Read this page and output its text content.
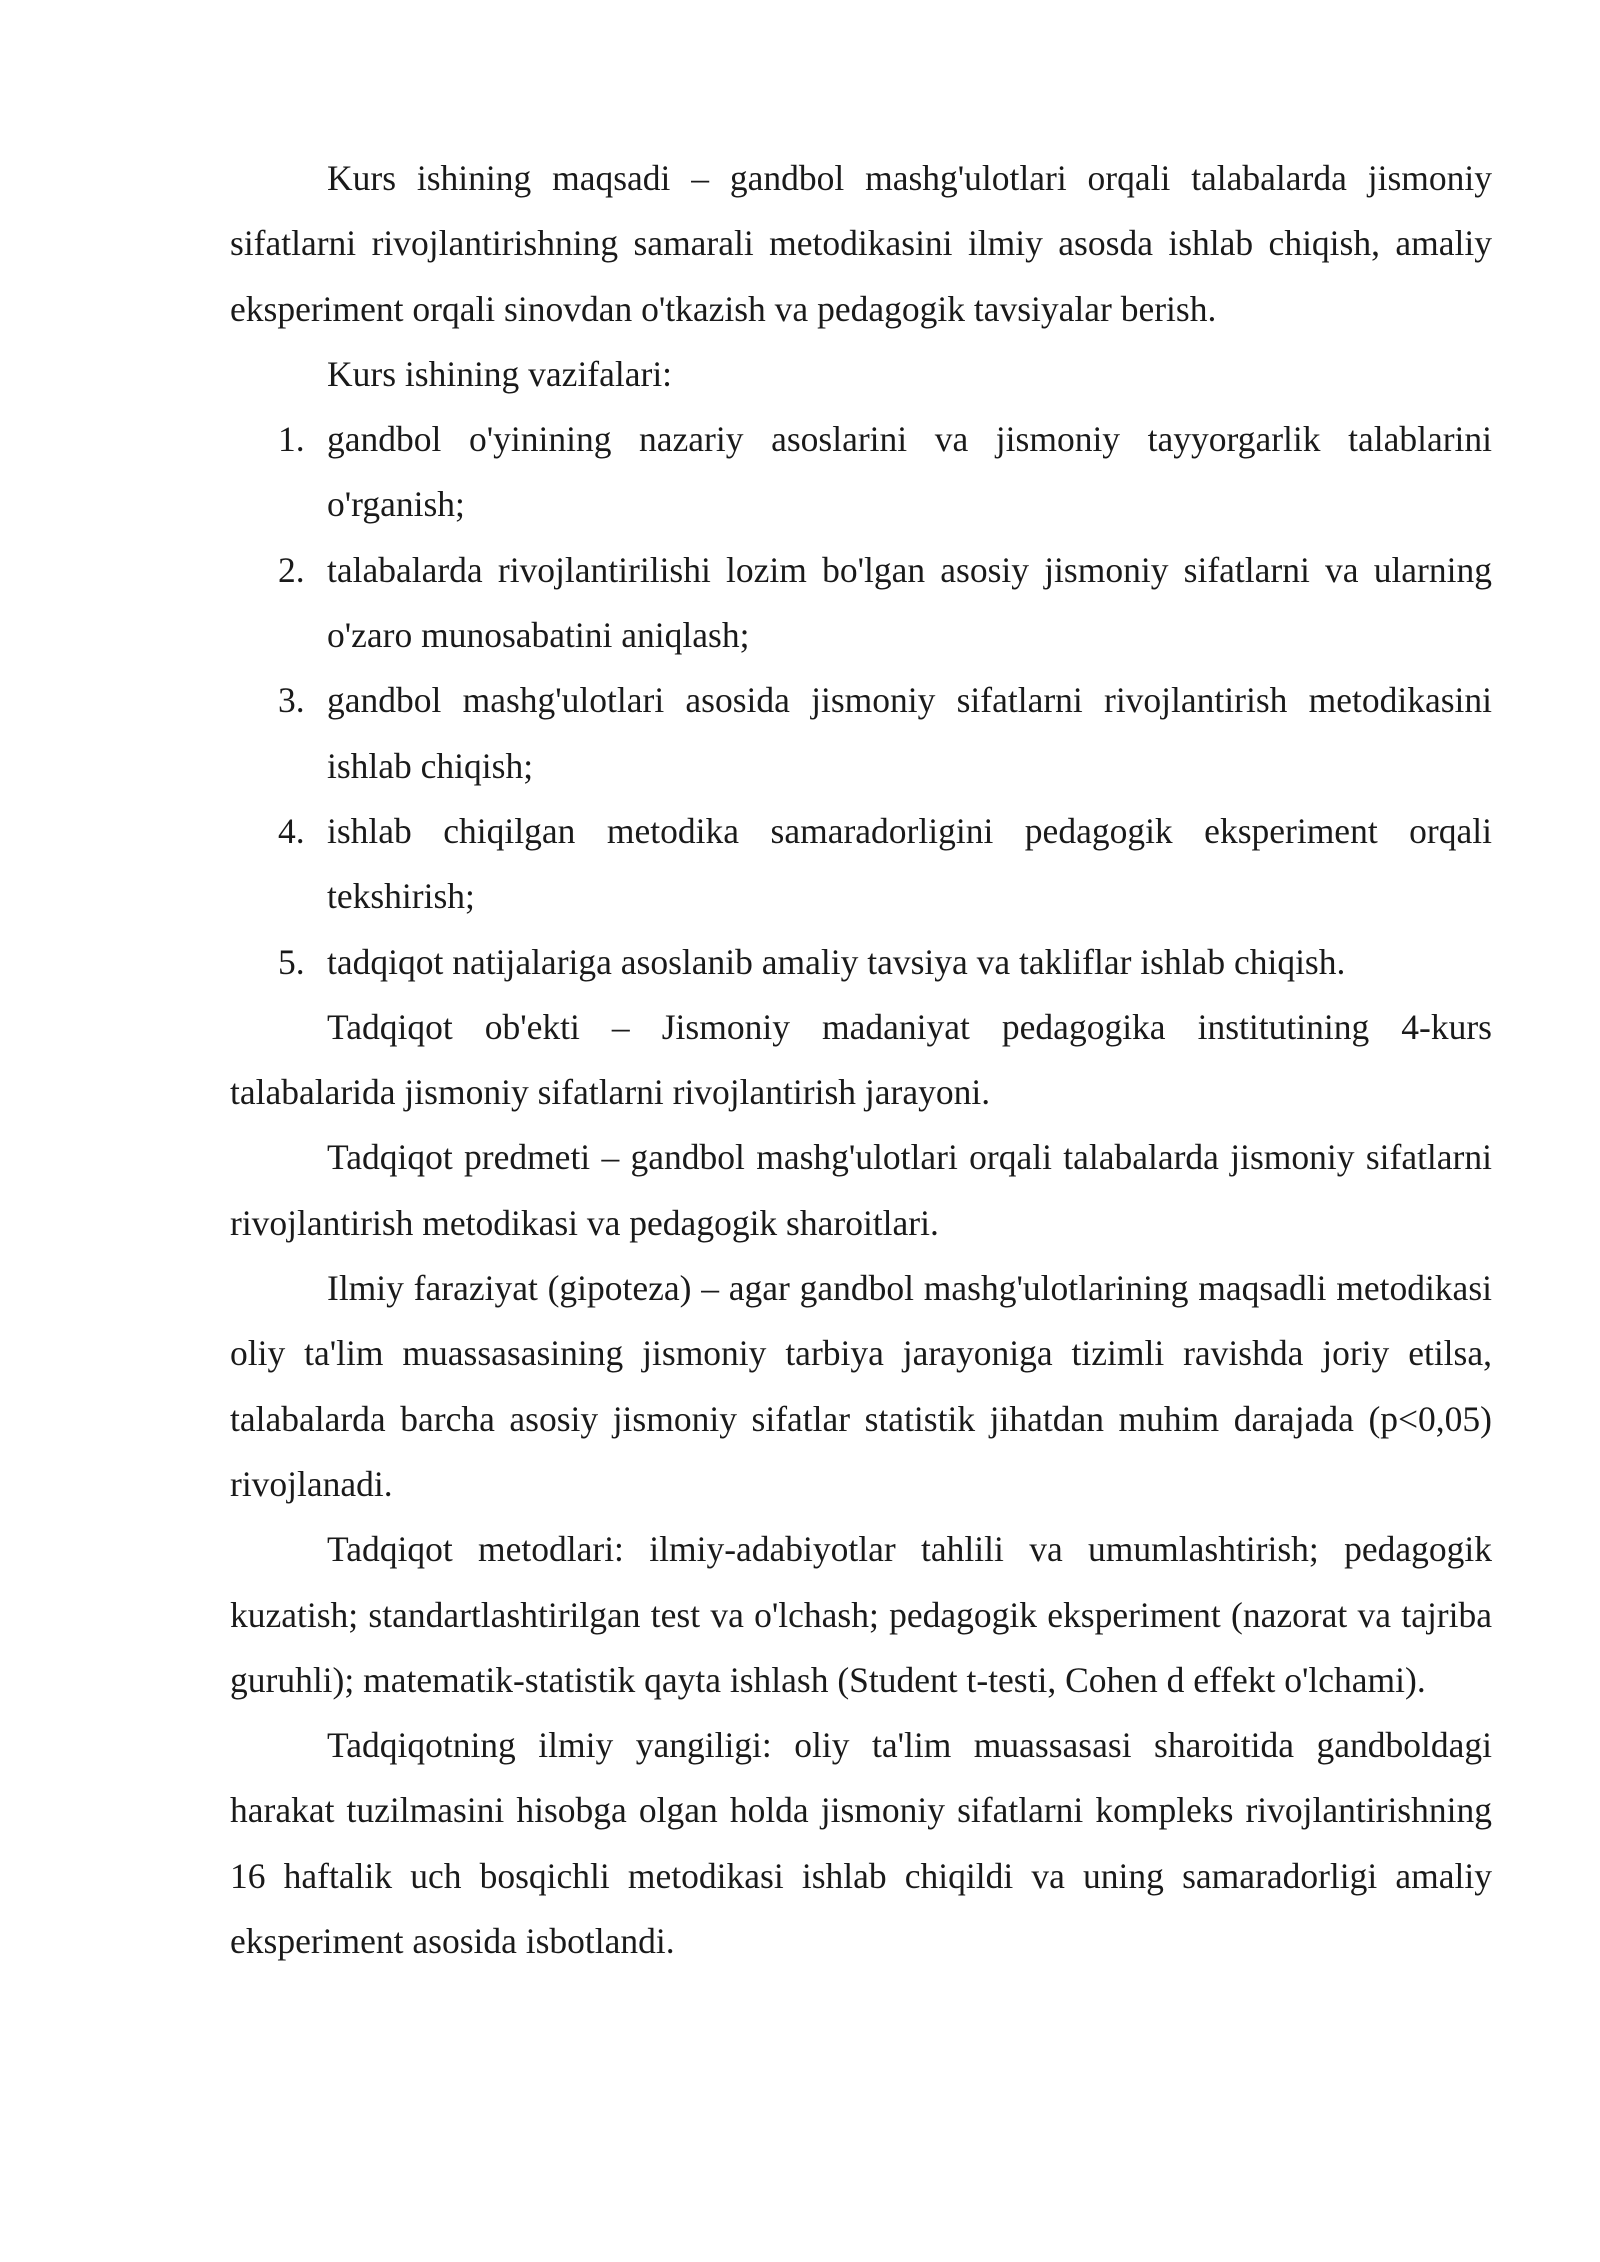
Kurs ishining maqsadi – gandbol mashg'ulotlari orqali talabalarda jismoniy sifatlarni rivojlantirishning samarali metodikasini ilmiy asosda ishlab chiqish, amaliy eksperiment orqali sinovdan o'tkazish va pedagogik tavsiyalar berish.

Kurs ishining vazifalari:

1. gandbol o'yinining nazariy asoslarini va jismoniy tayyorgarlik talablarini o'rganish;
2. talabalarda rivojlantirilishi lozim bo'lgan asosiy jismoniy sifatlarni va ularning o'zaro munosabatini aniqlash;
3. gandbol mashg'ulotlari asosida jismoniy sifatlarni rivojlantirish metodikasini ishlab chiqish;
4. ishlab chiqilgan metodika samaradorligini pedagogik eksperiment orqali tekshirish;
5. tadqiqot natijalariga asoslanib amaliy tavsiya va takliflar ishlab chiqish.

Tadqiqot ob'ekti – Jismoniy madaniyat pedagogika institutining 4-kurs talabalarida jismoniy sifatlarni rivojlantirish jarayoni.

Tadqiqot predmeti – gandbol mashg'ulotlari orqali talabalarda jismoniy sifatlarni rivojlantirish metodikasi va pedagogik sharoitlari.

Ilmiy faraziyat (gipoteza) – agar gandbol mashg'ulotlarining maqsadli metodikasi oliy ta'lim muassasasining jismoniy tarbiya jarayoniga tizimli ravishda joriy etilsa, talabalarda barcha asosiy jismoniy sifatlar statistik jihatdan muhim darajada (p<0,05) rivojlanadi.

Tadqiqot metodlari: ilmiy-adabiyotlar tahlili va umumlashtirish; pedagogik kuzatish; standartlashtirilgan test va o'lchash; pedagogik eksperiment (nazorat va tajriba guruhli); matematik-statistik qayta ishlash (Student t-testi, Cohen d effekt o'lchami).

Tadqiqotning ilmiy yangiligi: oliy ta'lim muassasasi sharoitida gandboldagi harakat tuzilmasini hisobga olgan holda jismoniy sifatlarni kompleks rivojlantirishning 16 haftalik uch bosqichli metodikasi ishlab chiqildi va uning samaradorligi amaliy eksperiment asosida isbotlandi.
